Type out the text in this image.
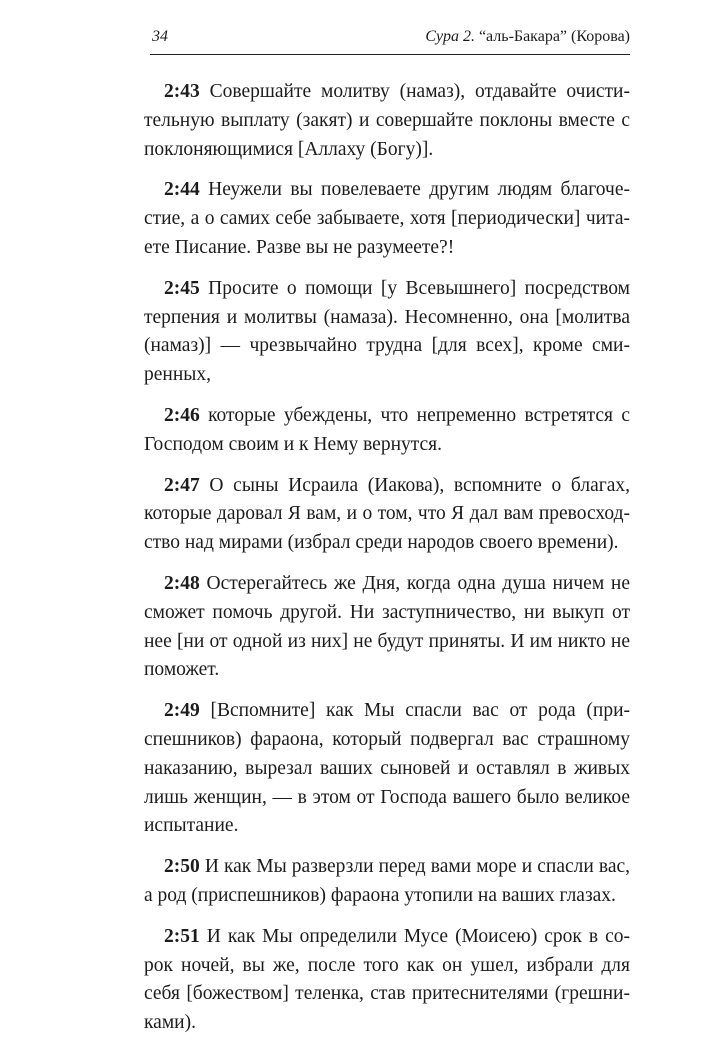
34	Сура 2. “аль-Бакара” (Корова)

2:43 Совершайте молитву (намаз), отдавайте очистительную выплату (закят) и совершайте поклоны вместе с поклоняющимися [Аллаху (Богу)].

2:44 Неужели вы повелеваете другим людям благочестие, а о самих себе забываете, хотя [периодически] читаете Писание. Разве вы не разумеете?!

2:45 Просите о помощи [у Всевышнего] посредством терпения и молитвы (намаза). Несомненно, она [молитва (намаз)] — чрезвычайно трудна [для всех], кроме смиренных,

2:46 которые убеждены, что непременно встретятся с Господом своим и к Нему вернутся.

2:47 О сыны Исраила (Иакова), вспомните о благах, которые даровал Я вам, и о том, что Я дал вам превосходство над мирами (избрал среди народов своего времени).

2:48 Остерегайтесь же Дня, когда одна душа ничем не сможет помочь другой. Ни заступничество, ни выкуп от нее [ни от одной из них] не будут приняты. И им никто не поможет.

2:49 [Вспомните] как Мы спасли вас от рода (приспешников) фараона, который подвергал вас страшному наказанию, вырезал ваших сыновей и оставлял в живых лишь женщин, — в этом от Господа вашего было великое испытание.

2:50 И как Мы разверзли перед вами море и спасли вас, а род (приспешников) фараона утопили на ваших глазах.

2:51 И как Мы определили Мусе (Моисею) срок в сорок ночей, вы же, после того как он ушел, избрали для себя [божеством] теленка, став притеснителями (грешниками).
